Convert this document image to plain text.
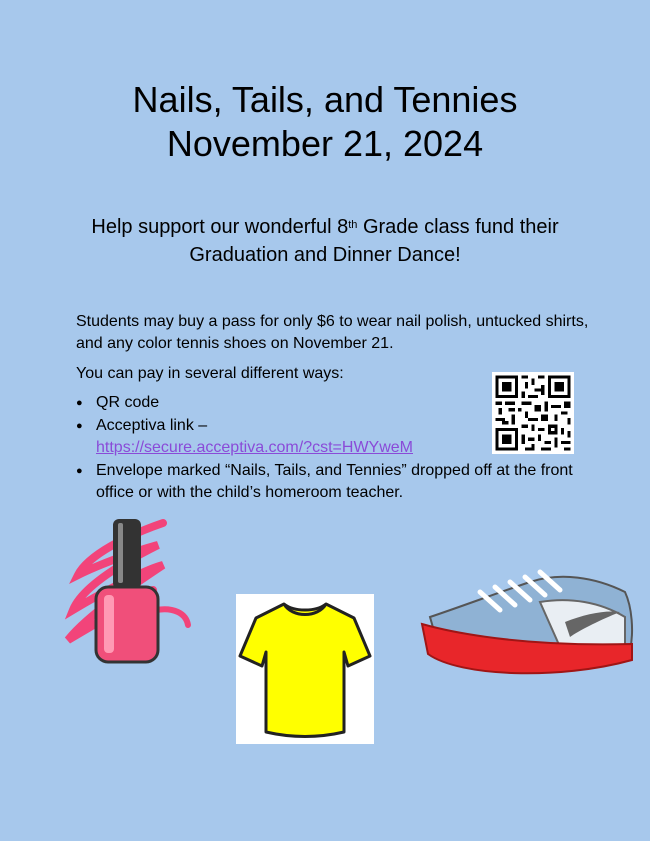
Nails, Tails, and Tennies
November 21, 2024
Help support our wonderful 8th Grade class fund their Graduation and Dinner Dance!
Students may buy a pass for only $6 to wear nail polish, untucked shirts, and any color tennis shoes on November 21.
You can pay in several different ways:
● QR code
● Acceptiva link –
https://secure.acceptiva.com/?cst=HWYweM
● Envelope marked “Nails, Tails, and Tennies” dropped off at the front office or with the child’s homeroom teacher.
